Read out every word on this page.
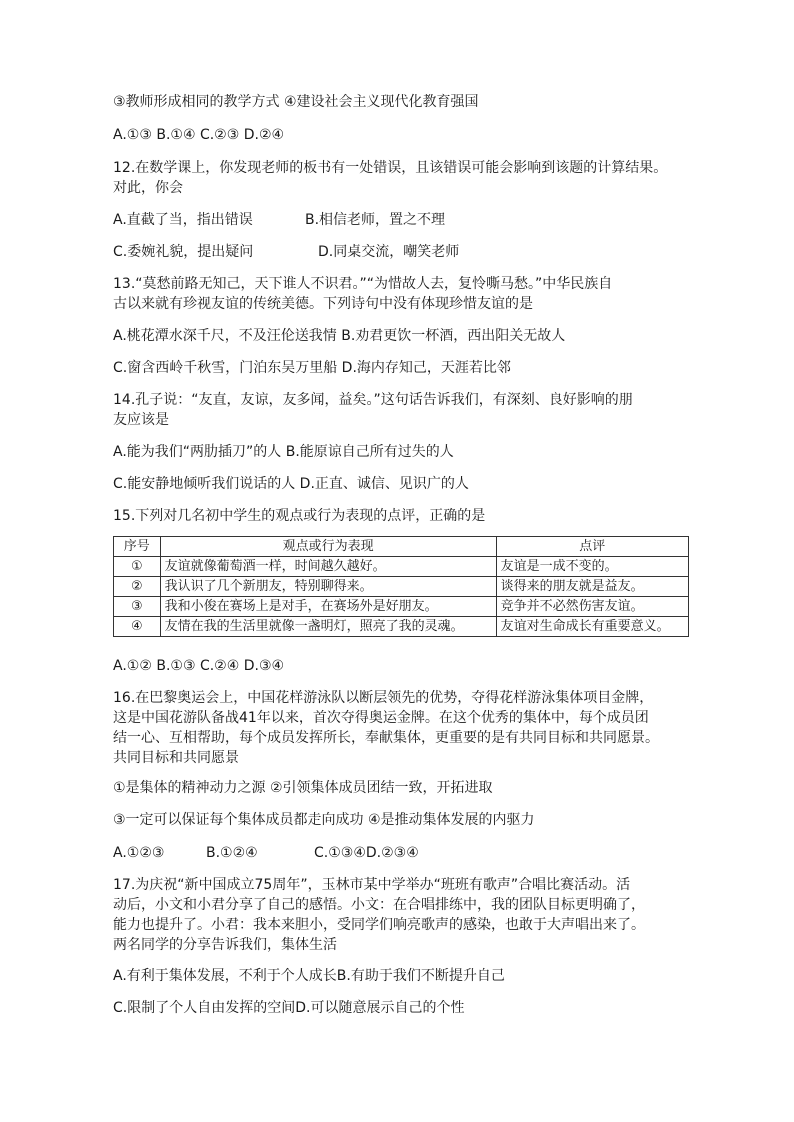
③教师形成相同的教学方式 ④建设社会主义现代化教育强国
A.①③ B.①④ C.②③ D.②④
12.在数学课上，你发现老师的板书有一处错误，且该错误可能会影响到该题的计算结果。
对此，你会
A.直截了当，指出错误	B.相信老师，置之不理
C.委婉礼貌，提出疑问	D.同桌交流，嘲笑老师
13.“莫愁前路无知己，天下谁人不识君。”“为惜故人去，复怜嘶马愁。”中华民族自
古以来就有珍视友谊的传统美德。下列诗句中没有体现珍惜友谊的是
A.桃花潭水深千尺，不及汪伦送我情 B.劝君更饮一杯酒，西出阳关无故人
C.窗含西岭千秋雪，门泊东吴万里船 D.海内存知己，天涯若比邻
14.孔子说：“友直，友谅，友多闻，益矣。”这句话告诉我们，有深刻、良好影响的朋
友应该是
A.能为我们“两肋插刀”的人 B.能原谅自己所有过失的人
C.能安静地倾听我们说话的人 D.正直、诚信、见识广的人
15.下列对几名初中学生的观点或行为表现的点评，正确的是
序号	观点或行为表现	点评
①	友谊就像葡萄酒一样，时间越久越好。	友谊是一成不变的。
②	我认识了几个新朋友，特别聊得来。	谈得来的朋友就是益友。
③	我和小俊在赛场上是对手，在赛场外是好朋友。	竞争并不必然伤害友谊。
④	友情在我的生活里就像一盏明灯，照亮了我的灵魂。	友谊对生命成长有重要意义。
A.①② B.①③ C.②④ D.③④
16.在巴黎奥运会上，中国花样游泳队以断层领先的优势，夺得花样游泳集体项目金牌，
这是中国花游队备战41年以来，首次夺得奥运金牌。在这个优秀的集体中，每个成员团
结一心、互相帮助，每个成员发挥所长，奉献集体，更重要的是有共同目标和共同愿景。
共同目标和共同愿景
①是集体的精神动力之源 ②引领集体成员团结一致，开拓进取
③一定可以保证每个集体成员都走向成功 ④是推动集体发展的内驱力
A.①②③	B.①②④	C.①③④D.②③④
17.为庆祝“新中国成立75周年”，玉林市某中学举办“班班有歌声”合唱比赛活动。活
动后，小文和小君分享了自己的感悟。小文：在合唱排练中，我的团队目标更明确了，
能力也提升了。小君：我本来胆小，受同学们响亮歌声的感染，也敢于大声唱出来了。
两名同学的分享告诉我们，集体生活
A.有利于集体发展，不利于个人成长B.有助于我们不断提升自己
C.限制了个人自由发挥的空间D.可以随意展示自己的个性
